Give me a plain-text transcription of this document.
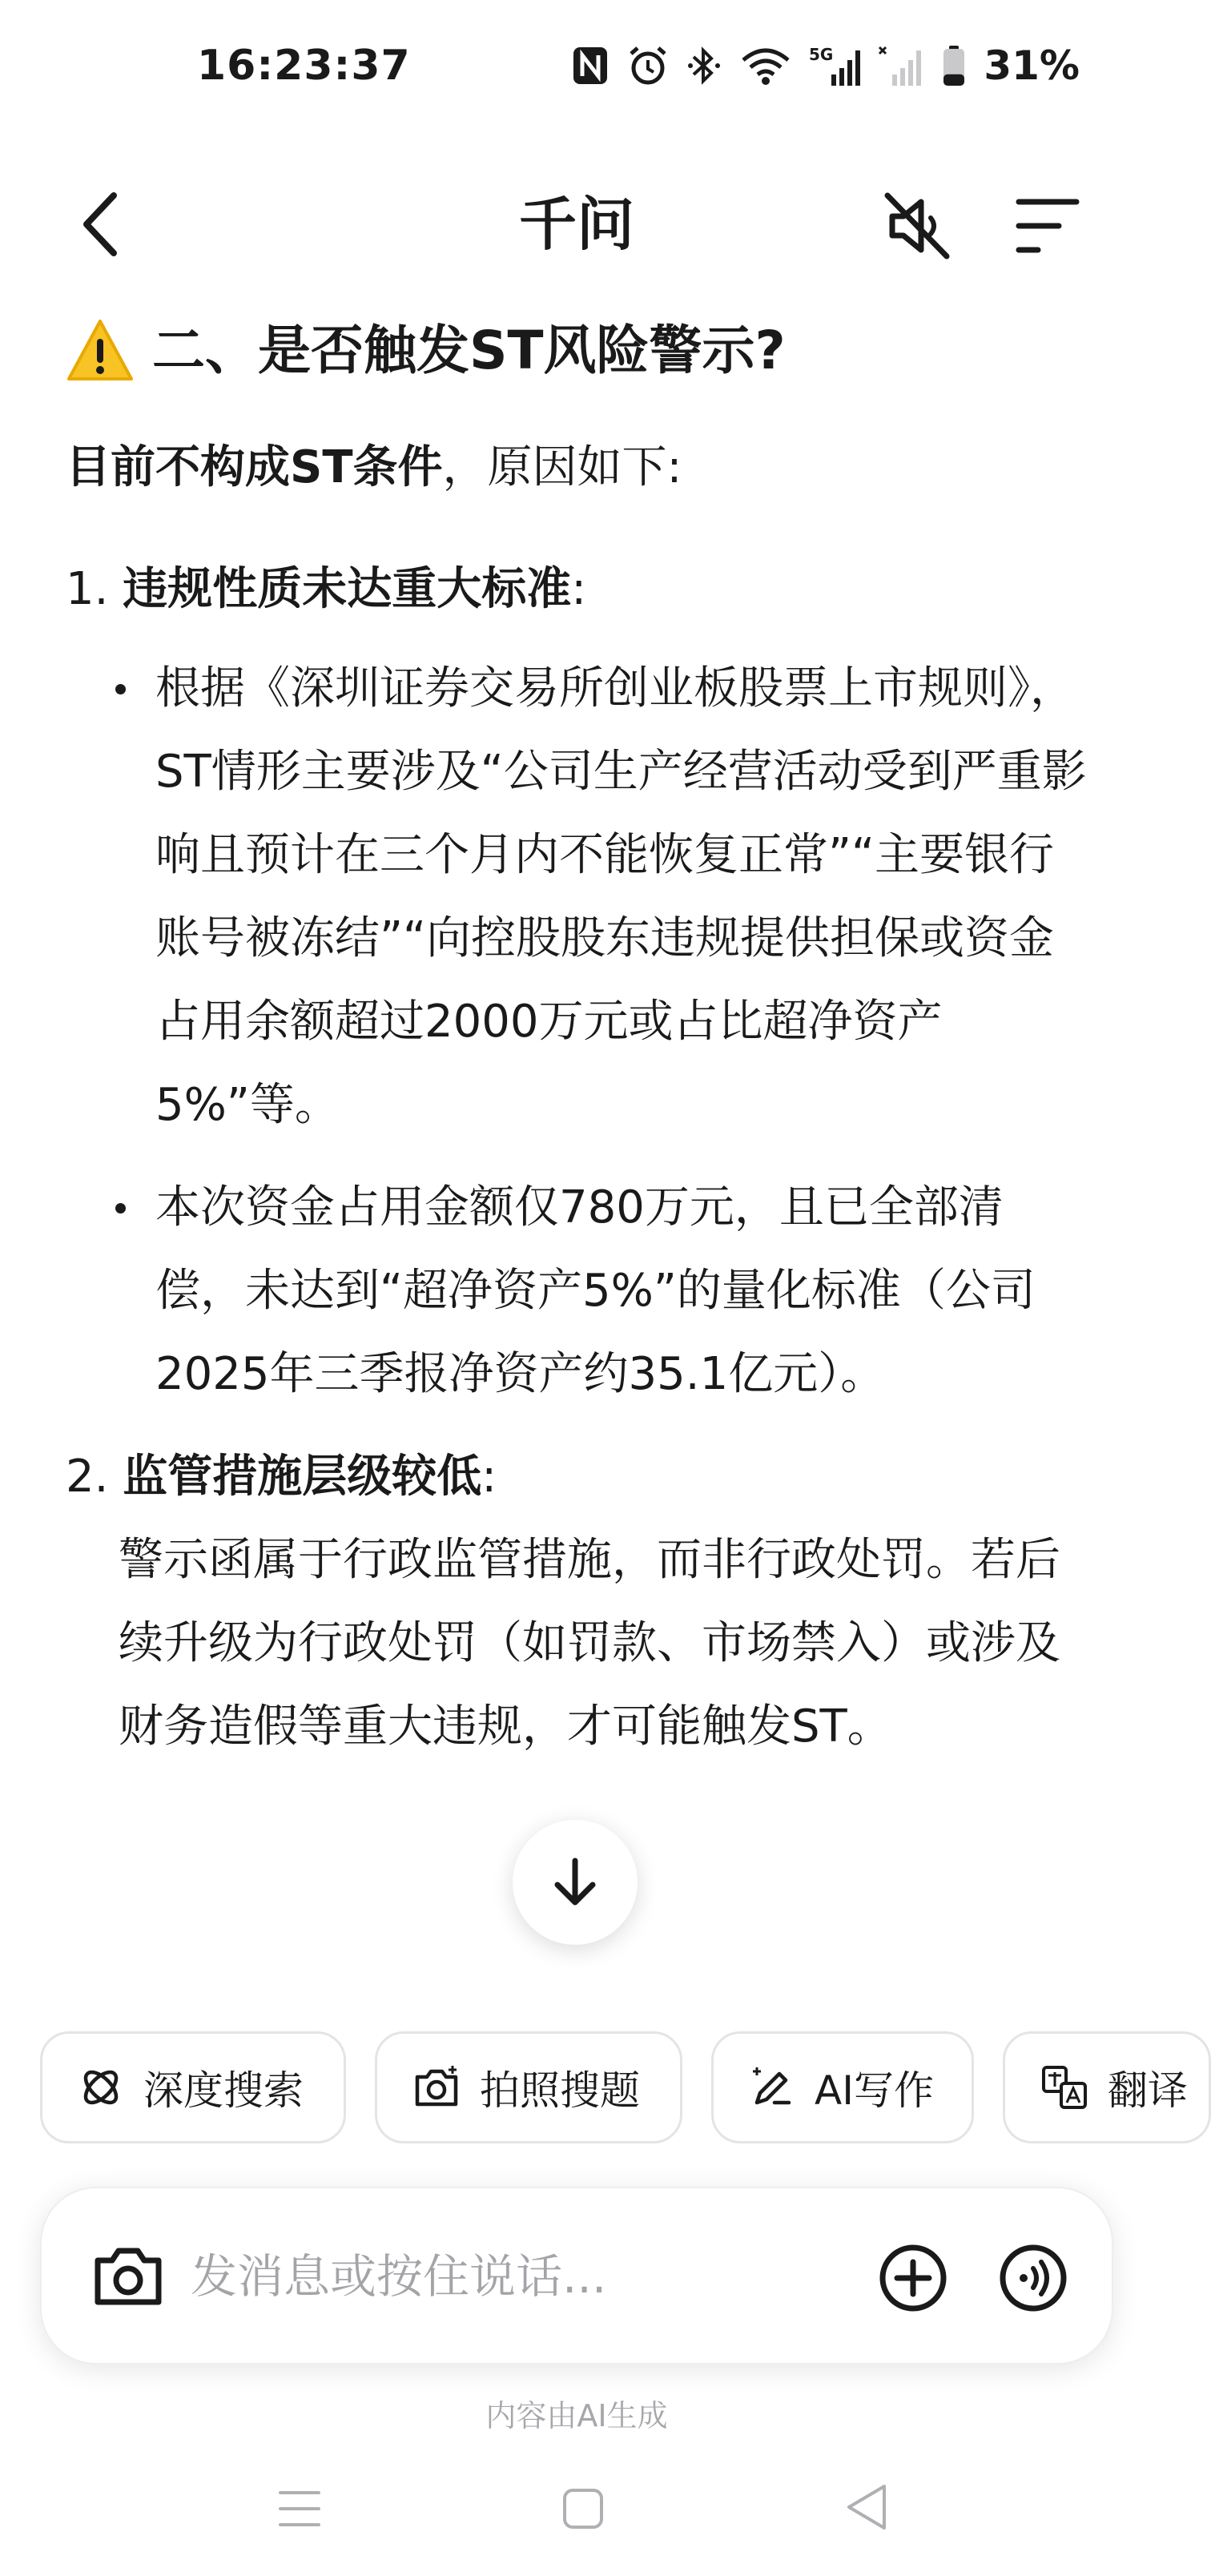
16:23:37	5G	31%
千问
二、是否触发ST风险警示?
目前不构成ST条件，原因如下:
1. 违规性质未达重大标准:
根据《深圳证券交易所创业板股票上市规则》，ST情形主要涉及“公司生产经营活动受到严重影响且预计在三个月内不能恢复正常”“主要银行账号被冻结”“向控股股东违规提供担保或资金占用余额超过2000万元或占比超净资产5%”等。
本次资金占用金额仅780万元，且已全部清偿，未达到“超净资产5%”的量化标准（公司2025年三季报净资产约35.1亿元）。
2. 监管措施层级较低:
警示函属于行政监管措施，而非行政处罚。若后续升级为行政处罚（如罚款、市场禁入）或涉及财务造假等重大违规，才可能触发ST。
深度搜索	拍照搜题	AI写作	翻译
发消息或按住说话...
内容由AI生成
